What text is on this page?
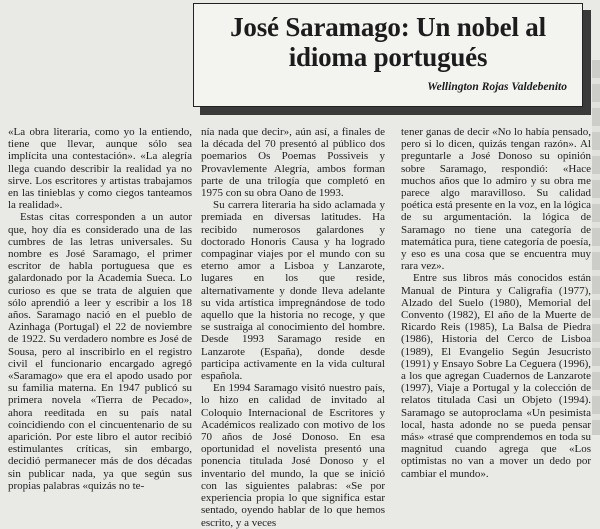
José Saramago: Un nobel al idioma portugués
Wellington Rojas Valdebenito

«La obra literaria, como yo la entiendo, tiene que llevar, aunque sólo sea implícita una contestación». «La alegría llega cuando describir la realidad ya no sirve. Los escritores y artistas trabajamos en las tinieblas y como ciegos tanteamos la realidad».

Estas citas corresponden a un autor que, hoy día es considerado una de las cumbres de las letras universales. Su nombre es José Saramago, el primer escritor de habla portuguesa que es galardonado por la Academia Sueca. Lo curioso es que se trata de alguien que sólo aprendió a leer y escribir a los 18 años. Saramago nació en el pueblo de Azinhaga (Portugal) el 22 de noviembre de 1922. Su verdadero nombre es José de Sousa, pero al inscribirlo en el registro civil el funcionario encargado agregó «Saramago» que era el apodo usado por su familia materna. En 1947 publicó su primera novela «Tierra de Pecado», ahora reeditada en su país natal coincidiendo con el cincuentenario de su aparición. Por este libro el autor recibió estimulantes críticas, sin embargo, decidió permanecer más de dos décadas sin publicar nada, ya que según sus propias palabras «quizás no te-

nía nada que decir», aún así, a finales de la década del 70 presentó al público dos poemarios Os Poemas Possiveis y Provavlemente Alegría, ambos forman parte de una trilogía que completó en 1975 con su obra Oano de 1993.

Su carrera literaria ha sido aclamada y premiada en diversas latitudes. Ha recibido numerosos galardones y doctorado Honoris Causa y ha logrado compaginar viajes por el mundo con su eterno amor a Lisboa y Lanzarote, lugares en los que reside, alternativamente y donde lleva adelante su vida artística impregnándose de todo aquello que la historia no recoge, y que se sustraiga al conocimiento del hombre. Desde 1993 Saramago reside en Lanzarote (España), donde desde participa activamente en la vida cultural española.

En 1994 Saramago visitó nuestro país, lo hizo en calidad de invitado al Coloquio Internacional de Escritores y Académicos realizado con motivo de los 70 años de José Donoso. En esa oportunidad el novelista presentó una ponencia titulada José Donoso y el inventario del mundo, la que se inició con las siguientes palabras: «Se por experiencia propia lo que significa estar sentado, oyendo hablar de lo que hemos escrito, y a veces

tener ganas de decir «No lo había pensado, pero si lo dicen, quizás tengan razón». Al preguntarle a José Donoso su opinión sobre Saramago, respondió: «Hace muchos años que lo admiro y su obra me parece algo maravilloso. Su calidad poética está presente en la voz, en la lógica de su argumentación. la lógica de Saramago no tiene una categoría de matemática pura, tiene categoría de poesía, y eso es una cosa que se encuentra muy rara vez».

Entre sus libros más conocidos están Manual de Pintura y Caligrafía (1977), Alzado del Suelo (1980), Memorial del Convento (1982), El año de la Muerte de Ricardo Reis (1985), La Balsa de Piedra (1986), Historia del Cerco de Lisboa (1989), El Evangelio Según Jesucristo (1991) y Ensayo Sobre La Ceguera (1996), a los que agregan Cuadernos de Lanzarote (1997), Viaje a Portugal y la colección de relatos titulada Casi un Objeto (1994). Saramago se autoproclama «Un pesimista local, hasta adonde no se pueda pensar más» «trasé que comprendemos en toda su magnitud cuando agrega que «Los optimistas no van a mover un dedo por cambiar el mundo».
